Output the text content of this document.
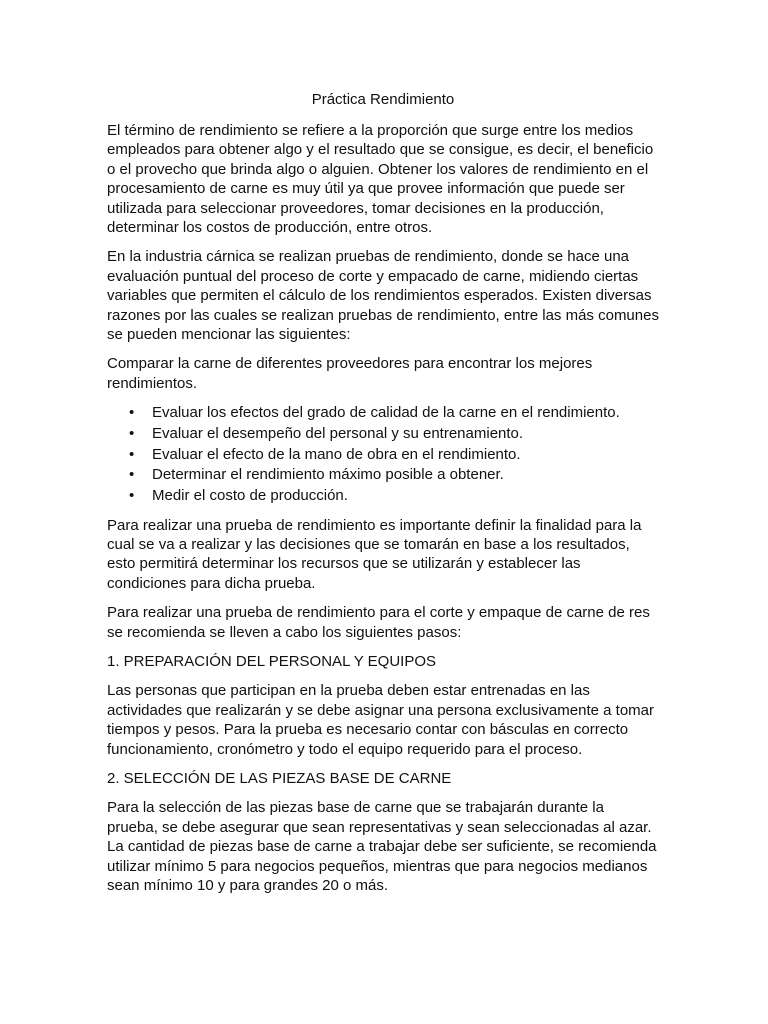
Práctica Rendimiento

El término de rendimiento se refiere a la proporción que surge entre los medios empleados para obtener algo y el resultado que se consigue, es decir, el beneficio o el provecho que brinda algo o alguien. Obtener los valores de rendimiento en el procesamiento de carne es muy útil ya que provee información que puede ser utilizada para seleccionar proveedores, tomar decisiones en la producción, determinar los costos de producción, entre otros.

En la industria cárnica se realizan pruebas de rendimiento, donde se hace una evaluación puntual del proceso de corte y empacado de carne, midiendo ciertas variables que permiten el cálculo de los rendimientos esperados. Existen diversas razones por las cuales se realizan pruebas de rendimiento, entre las más comunes se pueden mencionar las siguientes:

Comparar la carne de diferentes proveedores para encontrar los mejores rendimientos.

• Evaluar los efectos del grado de calidad de la carne en el rendimiento.
• Evaluar el desempeño del personal y su entrenamiento.
• Evaluar el efecto de la mano de obra en el rendimiento.
• Determinar el rendimiento máximo posible a obtener.
• Medir el costo de producción.

Para realizar una prueba de rendimiento es importante definir la finalidad para la cual se va a realizar y las decisiones que se tomarán en base a los resultados, esto permitirá determinar los recursos que se utilizarán y establecer las condiciones para dicha prueba.

Para realizar una prueba de rendimiento para el corte y empaque de carne de res se recomienda se lleven a cabo los siguientes pasos:

1. PREPARACIÓN DEL PERSONAL Y EQUIPOS

Las personas que participan en la prueba deben estar entrenadas en las actividades que realizarán y se debe asignar una persona exclusivamente a tomar tiempos y pesos. Para la prueba es necesario contar con básculas en correcto funcionamiento, cronómetro y todo el equipo requerido para el proceso.

2. SELECCIÓN DE LAS PIEZAS BASE DE CARNE

Para la selección de las piezas base de carne que se trabajarán durante la prueba, se debe asegurar que sean representativas y sean seleccionadas al azar. La cantidad de piezas base de carne a trabajar debe ser suficiente, se recomienda utilizar mínimo 5 para negocios pequeños, mientras que para negocios medianos sean mínimo 10 y para grandes 20 o más.
